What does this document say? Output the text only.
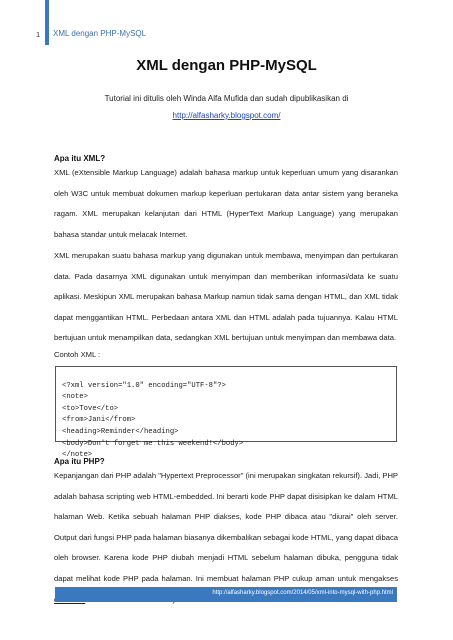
1 XML dengan PHP-MySQL
XML dengan PHP-MySQL
Tutorial ini ditulis oleh Winda Alfa Mufida dan sudah dipublikasikan di
http://alfasharky.blogspot.com/
Apa itu XML?

XML (eXtensible Markup Language) adalah bahasa markup untuk keperluan umum yang disarankan oleh W3C untuk membuat dokumen markup keperluan pertukaran data antar sistem yang beraneka ragam. XML merupakan kelanjutan dari HTML (HyperText Markup Language) yang merupakan bahasa standar untuk melacak Internet.

XML merupakan suatu bahasa markup yang digunakan untuk membawa, menyimpan dan pertukaran data. Pada dasarnya XML digunakan untuk menyimpan dan memberikan informasi/data ke suatu aplikasi. Meskipun XML merupakan bahasa Markup namun tidak sama dengan HTML, dan XML tidak dapat menggantikan HTML. Perbedaan antara XML dan HTML adalah pada tujuannya. Kalau HTML bertujuan untuk menampilkan data, sedangkan XML bertujuan untuk menyimpan dan membawa data.

Contoh XML :

<?xml version="1.0" encoding="UTF-8"?>
<note>
<to>Tove</to>
<from>Jani</from>
<heading>Reminder</heading>
<body>Don't forget me this weekend!</body>
</note>
Apa itu PHP?

Kepanjangan dari PHP adalah "Hypertext Preprocessor" (ini merupakan singkatan rekursif). Jadi, PHP adalah bahasa scripting web HTML-embedded. Ini berarti kode PHP dapat disisipkan ke dalam HTML halaman Web. Ketika sebuah halaman PHP diakses, kode PHP dibaca atau "diurai" oleh server. Output dari fungsi PHP pada halaman biasanya dikembalikan sebagai kode HTML, yang dapat dibaca oleh browser. Karena kode PHP diubah menjadi HTML sebelum halaman dibuka, pengguna tidak dapat melihat kode PHP pada halaman. Ini membuat halaman PHP cukup aman untuk mengakses

http://alfasharky.blogspot.com/2014/05/xml-into-mysql-with-php.html
